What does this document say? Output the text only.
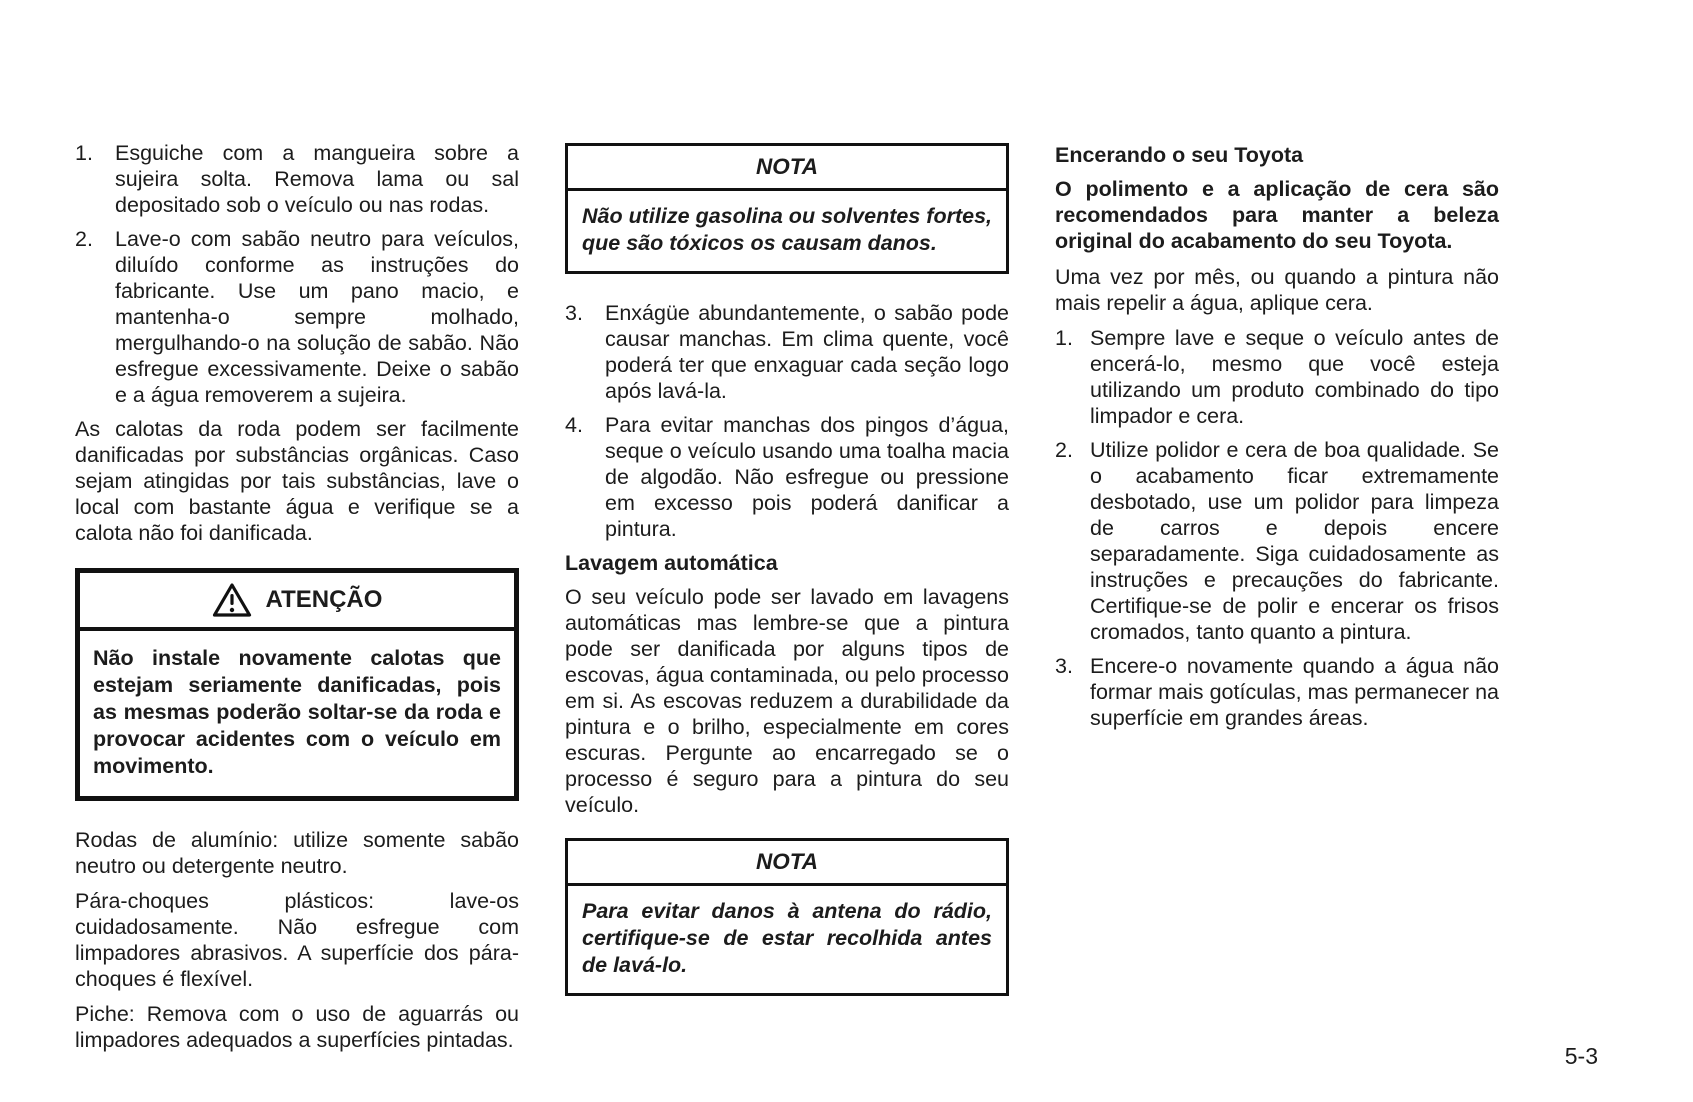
1.	Esguiche com a mangueira sobre a sujeira solta. Remova lama ou sal depositado sob o veículo ou nas rodas.
2.	Lave-o com sabão neutro para veículos, diluído conforme as instruções do fabricante. Use um pano macio, e mantenha-o sempre molhado, mergulhando-o na solução de sabão. Não esfregue excessivamente. Deixe o sabão e a água removerem a sujeira.

As calotas da roda podem ser facilmente danificadas por substâncias orgânicas. Caso sejam atingidas por tais substâncias, lave o local com bastante água e verifique se a calota não foi danificada.

ATENÇÃO
Não instale novamente calotas que estejam seriamente danificadas, pois as mesmas poderão soltar-se da roda e provocar acidentes com o veículo em movimento.

Rodas de alumínio: utilize somente sabão neutro ou detergente neutro.

Pára-choques plásticos: lave-os cuidadosamente. Não esfregue com limpadores abrasivos. A superfície dos pára-choques é flexível.

Piche: Remova com o uso de aguarrás ou limpadores adequados a superfícies pintadas.

NOTA
Não utilize gasolina ou solventes fortes, que são tóxicos os causam danos.
3.	Enxágüe abundantemente, o sabão pode causar manchas. Em clima quente, você poderá ter que enxaguar cada seção logo após lavá-la.
4.	Para evitar manchas dos pingos d’água, seque o veículo usando uma toalha macia de algodão. Não esfregue ou pressione em excesso pois poderá danificar a pintura.

Lavagem automática

O seu veículo pode ser lavado em lavagens automáticas mas lembre-se que a pintura pode ser danificada por alguns tipos de escovas, água contaminada, ou pelo processo em si. As escovas reduzem a durabilidade da pintura e o brilho, especialmente em cores escuras. Pergunte ao encarregado se o processo é seguro para a pintura do seu veículo.

NOTA
Para evitar danos à antena do rádio, certifique-se de estar recolhida antes de lavá-lo.

Encerando o seu Toyota

O polimento e a aplicação de cera são recomendados para manter a beleza original do acabamento do seu Toyota.

Uma vez por mês, ou quando a pintura não mais repelir a água, aplique cera.

1. Sempre lave e seque o veículo antes de encerá-lo, mesmo que você esteja utilizando um produto combinado do tipo limpador e cera.
2. Utilize polidor e cera de boa qualidade. Se o acabamento ficar extremamente desbotado, use um polidor para limpeza de carros e depois encere separadamente. Siga cuidadosamente as instruções e precauções do fabricante. Certifique-se de polir e encerar os frisos cromados, tanto quanto a pintura.
3. Encere-o novamente quando a água não formar mais gotículas, mas permanecer na superfície em grandes áreas.
5-3
